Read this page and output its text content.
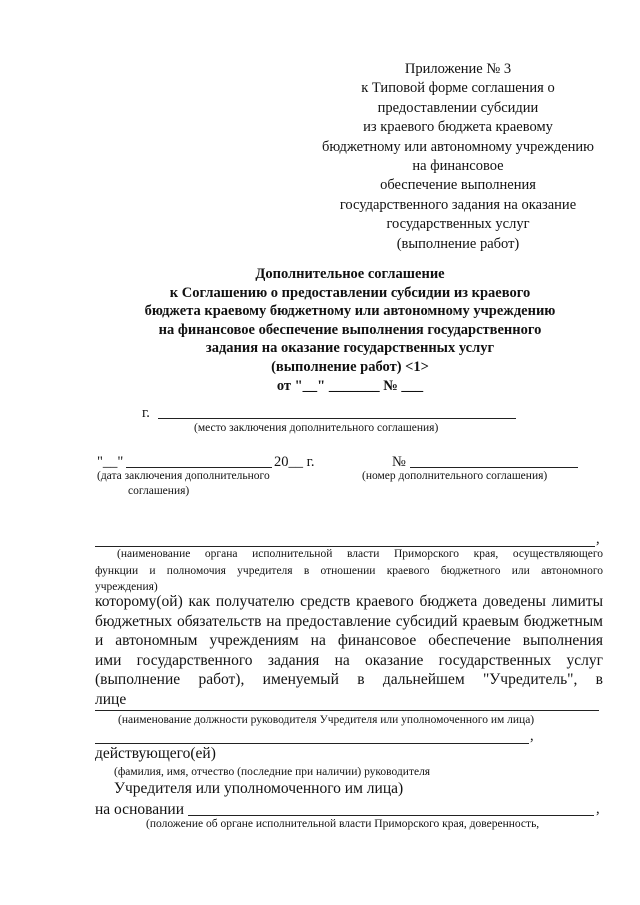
Приложение № 3
к Типовой форме соглашения о
предоставлении субсидии
из краевого бюджета краевому
бюджетному или автономному учреждению
на финансовое
обеспечение выполнения
государственного задания на оказание
государственных услуг
(выполнение работ)
Дополнительное соглашение
к Соглашению о предоставлении субсидии из краевого
бюджета краевому бюджетному или автономному учреждению
на финансовое обеспечение выполнения государственного
задания на оказание государственных услуг
(выполнение работ) <1>
от "__" _______ № ___
г.
(место заключения дополнительного соглашения)
"__"	20__ г.	№
(дата заключения дополнительного
соглашения)
(номер дополнительного соглашения)
,
(наименование органа исполнительной власти Приморского края, осуществляющего
функции и полномочия учредителя в отношении краевого бюджетного или автономного
учреждения)
которому(ой) как получателю средств краевого бюджета доведены лимиты
бюджетных обязательств на предоставление субсидий краевым бюджетным
и автономным учреждениям на финансовое обеспечение выполнения
ими государственного задания на оказание государственных услуг
(выполнение работ), именуемый в дальнейшем "Учредитель", в
лице
(наименование должности руководителя Учредителя или уполномоченного им лица)
,
действующего(ей)
(фамилия, имя, отчество (последние при наличии) руководителя
Учредителя или уполномоченного им лица)
на основании	,
(положение об органе исполнительной власти Приморского края, доверенность,
